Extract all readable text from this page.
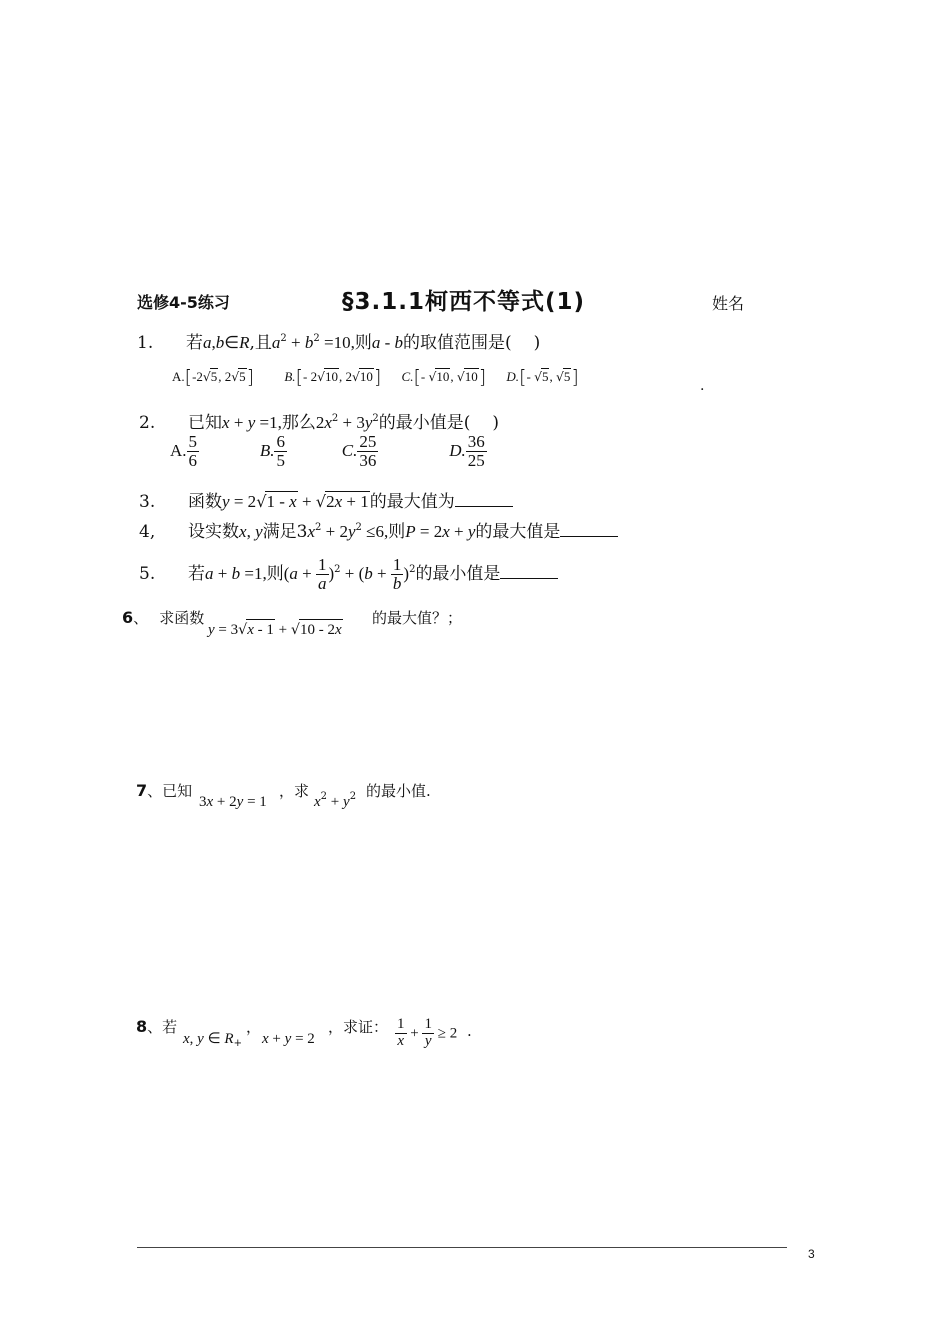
选修4-5练习	§3.1.1柯西不等式(1)	姓名
1. 若a,b∈R,且$a^2 + b^2 =10$,则a - b的取值范围是( )
A.[-2√5, 2√5] B.[- 2√10, 2√10] C.[- √10, √10] D.[- √5, √5]	.
2. 已知x + y =1,那么$2x^2 + 3y^2$的最小值是( )
A. $\frac{5}{6}$	B. $\frac{6}{5}$	C. $\frac{25}{36}$	D. $\frac{36}{25}$
3. 函数y = 2√1 - x + √2x + 1的最大值为
4, 设实数x, y满足$3x^2 + 2y^2 \le 6$,则P = 2x + y的最大值是
5. 若a + b =1,则$(a + \frac{1}{a} )^2 + (b + \frac{1}{b} )^2$的最小值是
6、 求函数
y = 3√x - 1 + √10 - 2x
的最大值？；
7、已知
3x + 2y = 1
，求
$x^2 + y^2$ 的最小值.
8、若
x, y ∈ $R_+$
，
x + y = 2
，求证： $\frac{1}{x} + \frac{1}{y} \ge 2$ .
3
